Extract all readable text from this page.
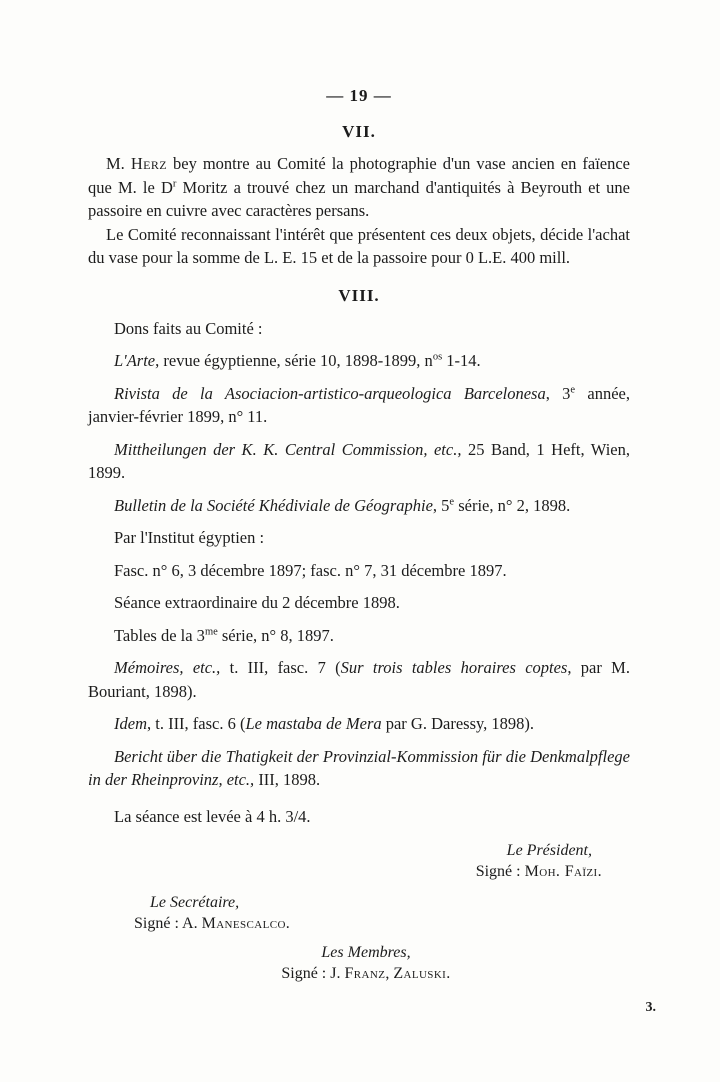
— 19 —
VII.

M. Herz bey montre au Comité la photographie d'un vase ancien en faïence que M. le $D^r$ Moritz a trouvé chez un marchand d'antiquités à Beyrouth et une passoire en cuivre avec caractères persans.

Le Comité reconnaissant l'intérêt que présentent ces deux objets, décide l'achat du vase pour la somme de L. E. 15 et de la passoire pour 0 L.E. 400 mill.

VIII.

Dons faits au Comité :

L'Arte, revue égyptienne, série 10, 1898-1899, $n^{os}$ 1-14.

Rivista de la Asociacion-artistico-arqueologica Barcelonesa, 3e année, janvier-février 1899, n° 11.

Mittheilungen der K. K. Central Commission, etc., 25 Band, 1 Heft, Wien, 1899.

Bulletin de la Société Khédiviale de Géographie, 5e série, n° 2, 1898.

Par l'Institut égyptien :

Fasc. n° 6, 3 décembre 1897; fasc. n° 7, 31 décembre 1897.

Séance extraordinaire du 2 décembre 1898.

Tables de la $3^{me}$ série, n° 8, 1897.

Mémoires, etc., t. III, fasc. 7 (Sur trois tables horaires coptes, par M. Bouriant, 1898).

Idem, t. III, fasc. 6 (Le mastaba de Mera par G. Daressy, 1898).

Bericht über die Thatigkeit der Provinzial-Kommission für die Denkmalpflege in der Rheinprovinz, etc., III, 1898.

La séance est levée à 4 h. 3/4.

Le Président,
Signé : Moh. Faïzi.
Le Secrétaire,
Signé : A. Manescalco.
Les Membres,
Signé : J. Franz, Zaluski.
3.
